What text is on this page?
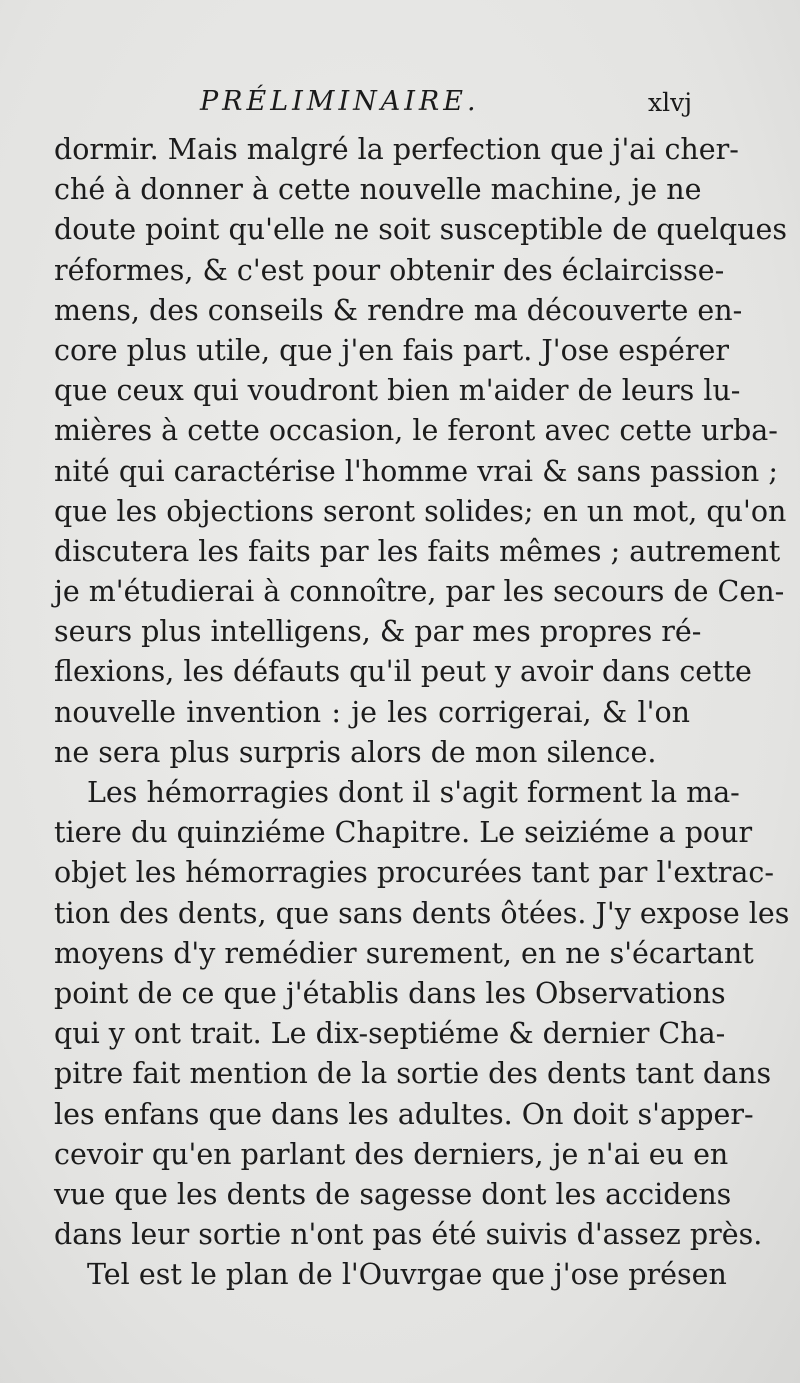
PRÉLIMINAIRE.	xlvj
dormir. Mais malgré la perfection que j'ai cher-
ché à donner à cette nouvelle machine, je ne
doute point qu'elle ne soit susceptible de quelques
réformes, & c'est pour obtenir des éclaircisse-
mens, des conseils & rendre ma découverte en-
core plus utile, que j'en fais part. J'ose espérer
que ceux qui voudront bien m'aider de leurs lu-
mières à cette occasion, le feront avec cette urba-
nité qui caractérise l'homme vrai & sans passion ;
que les objections seront solides; en un mot, qu'on
discutera les faits par les faits mêmes ; autrement
je m'étudierai à connoître, par les secours de Cen-
seurs plus intelligens, & par mes propres ré-
flexions, les défauts qu'il peut y avoir dans cette
nouvelle invention : je les corrigerai, & l'on
ne sera plus surpris alors de mon silence.
Les hémorragies dont il s'agit forment la ma-
tiere du quinziéme Chapitre. Le seiziéme a pour
objet les hémorragies procurées tant par l'extrac-
tion des dents, que sans dents ôtées. J'y expose les
moyens d'y remédier surement, en ne s'écartant
point de ce que j'établis dans les Observations
qui y ont trait. Le dix-septiéme & dernier Cha-
pitre fait mention de la sortie des dents tant dans
les enfans que dans les adultes. On doit s'apper-
cevoir qu'en parlant des derniers, je n'ai eu en
vue que les dents de sagesse dont les accidens
dans leur sortie n'ont pas été suivis d'assez près.
Tel est le plan de l'Ouvrgae que j'ose présen
